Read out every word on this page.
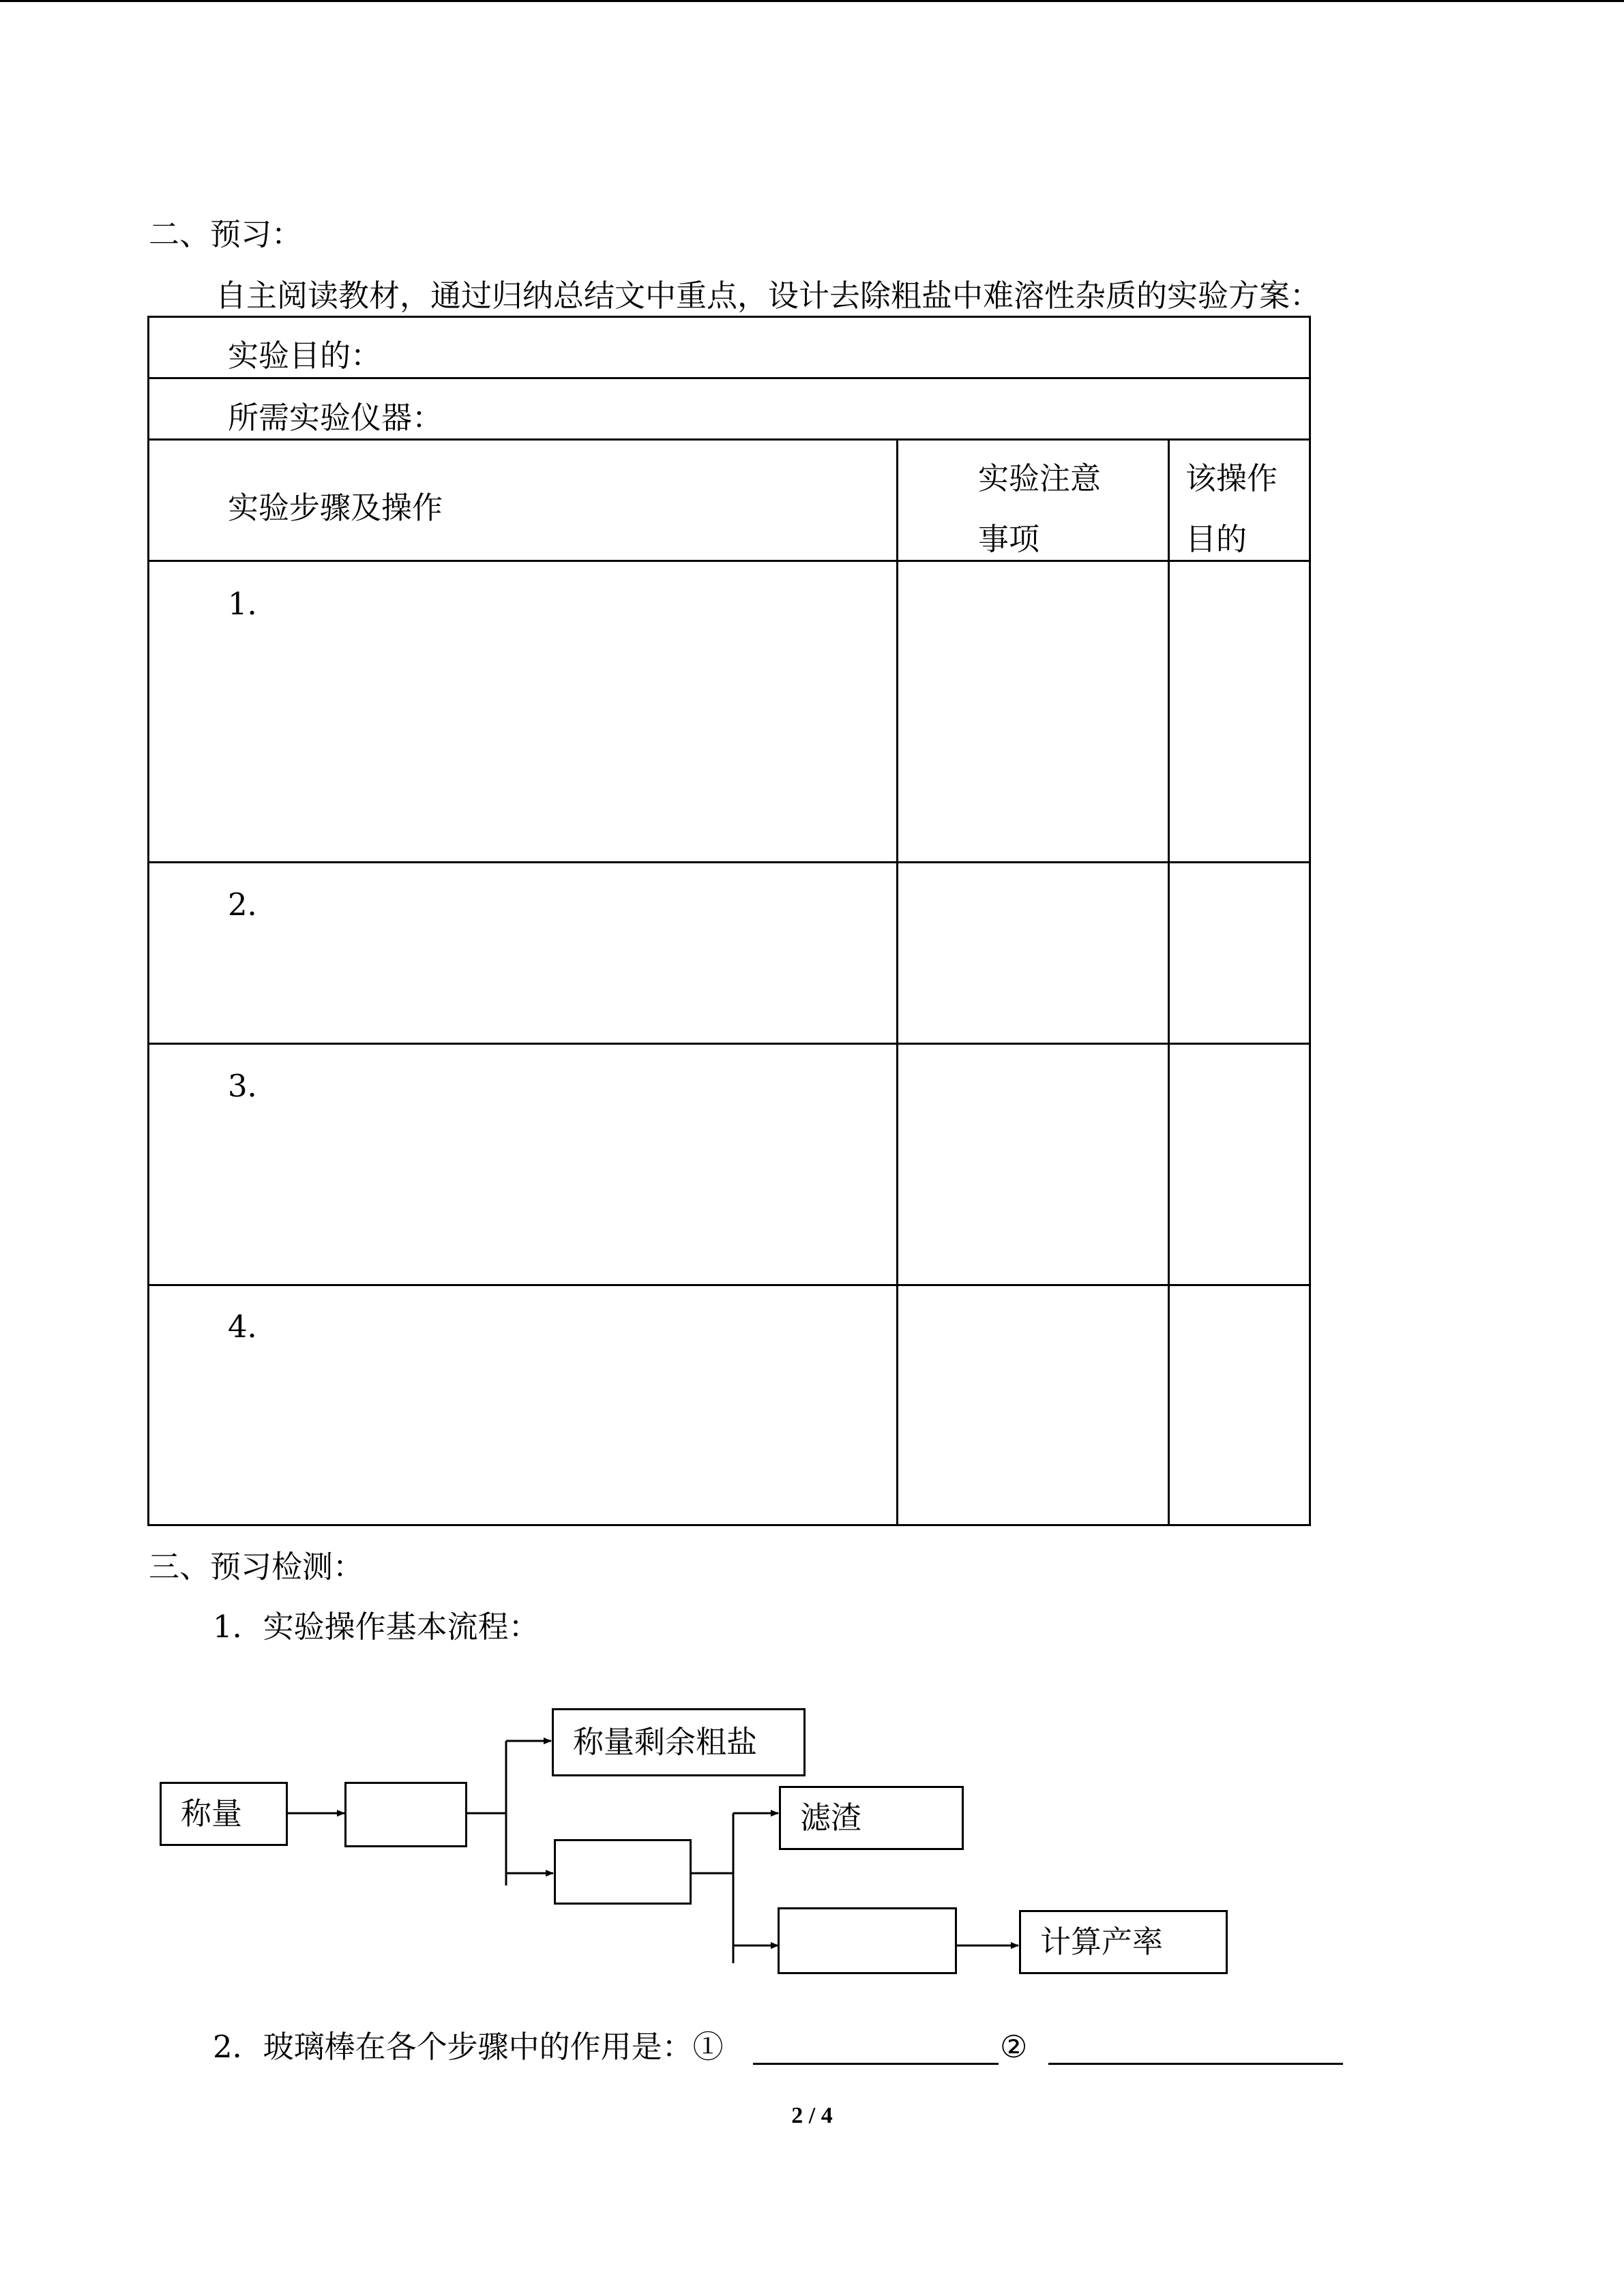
二、预习：
自主阅读教材，通过归纳总结文中重点，设计去除粗盐中难溶性杂质的实验方案：
实验目的：
所需实验仪器：
实验步骤及操作
实验注意
事项
该操作
目的
1．
2．
3．
4．
三、预习检测：
1．实验操作基本流程：
称量
称量剩余粗盐
滤渣
计算产率
2．玻璃棒在各个步骤中的作用是：①	②
2 / 4
